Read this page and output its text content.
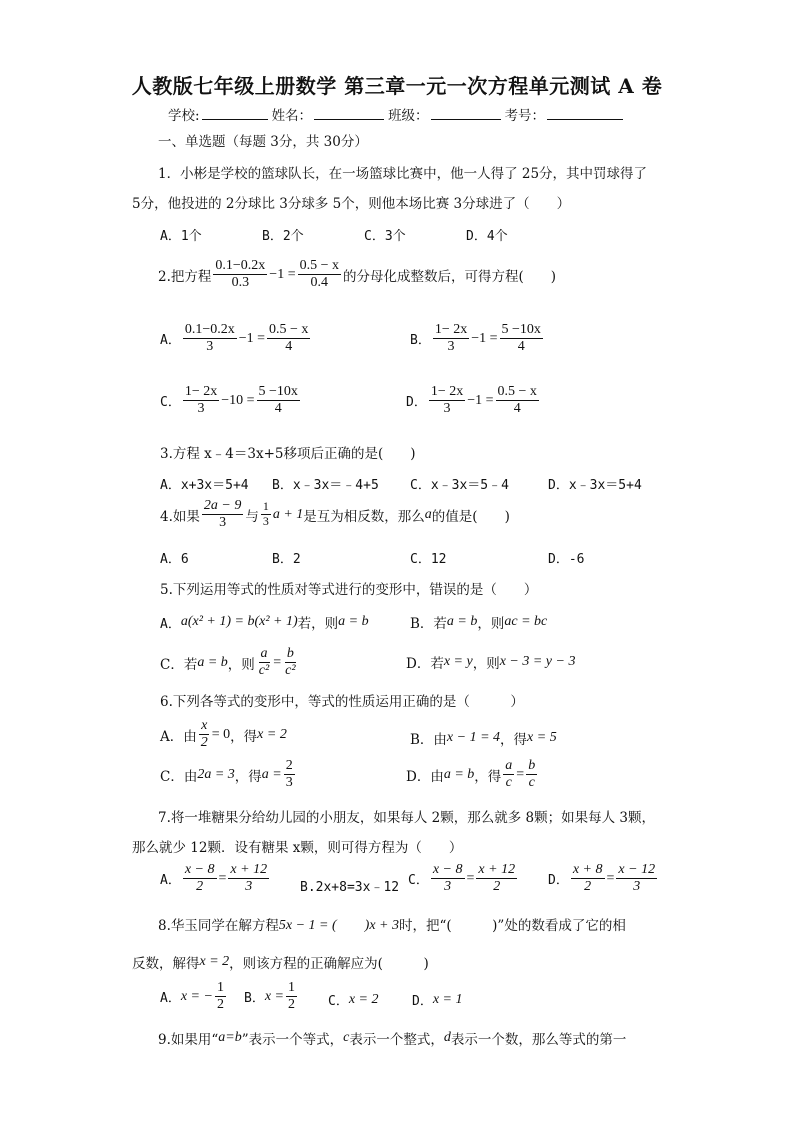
人教版七年级上册数学 第三章一元一次方程单元测试 A 卷
学校:	姓名：	班级：	考号：
一、单选题（每题 3分，共 30分）
1．小彬是学校的篮球队长，在一场篮球比赛中，他一人得了 25分，其中罚球得了
5分，他投进的 2分球比 3分球多 5个，则他本场比赛 3分球进了（　　）
A．1个	B．2个	C．3个	D．4个
2.把方程 $\frac{0.1-0.2x}{0.3} -1 = \frac{0.5 - x}{0.4}$ 的分母化成整数后，可得方程(　　)
A． $\frac{0.1-0.2x}{3} -1 = \frac{0.5 - x}{4}$	B． $\frac{1- 2x}{3} -1 = \frac{5 -10x}{4}$
C． $\frac{1- 2x}{3} -10 = \frac{5 -10x}{4}$	D． $\frac{1- 2x}{3} -1 = \frac{0.5 - x}{4}$
3.方程 x﹣4＝3x+5移项后正确的是(　　)
A．x+3x＝5+4 B．x﹣3x＝﹣4+5 C．x﹣3x＝5﹣4	D．x﹣3x＝5+4
4.如果 $\frac{2a - 9}{3}$ 与 $\frac{1}{3}$ a + 1 是互为相反数，那么 a 的值是(　　)
A．6	B．2	C．12	D．-6
5.下列运用等式的性质对等式进行的变形中，错误的是（　　）
A． a(x² + 1) = b(x² + 1) 若，则 a = b	B．若 a = b ，则 ac = bc
C．若 a = b ，则 $\frac{a}{\text{c²}} = \frac{b}{\text{c²}}$	D．若 x = y ，则 x − 3 = y − 3
6.下列各等式的变形中，等式的性质运用正确的是（　　　）
A．由 $\frac{x}{2} = 0$ ，得 x = 2	B．由 x − 1 = 4 ，得 x = 5
C．由 2a = 3 ，得 $a = \frac{2}{3}$	D．由 a = b ，得 $\frac{a}{c} = \frac{b}{c}$
7.将一堆糖果分给幼儿园的小朋友，如果每人 2颗，那么就多 8颗；如果每人 3颗，
那么就少 12颗．设有糖果 x颗，则可得方程为（　　）
A． $\frac{x - 8}{2} = \frac{x + 12}{3}$ B.2x+8=3x﹣12 C． $\frac{x - 8}{3} = \frac{x + 12}{2}$ D． $\frac{x + 8}{2} = \frac{x - 12}{3}$
8.华玉同学在解方程 5x − 1 = (　　)x + 3 时，把“(　　　)”处的数看成了它的相
反数，解得 x = 2 ，则该方程的正确解应为(　　　)
A． x = − $\frac{1}{2}$ B． $x = \frac{1}{2}$ C． x = 2	D． x = 1
9.如果用“ a=b ”表示一个等式， c 表示一个整式， d 表示一个数，那么等式的第一
